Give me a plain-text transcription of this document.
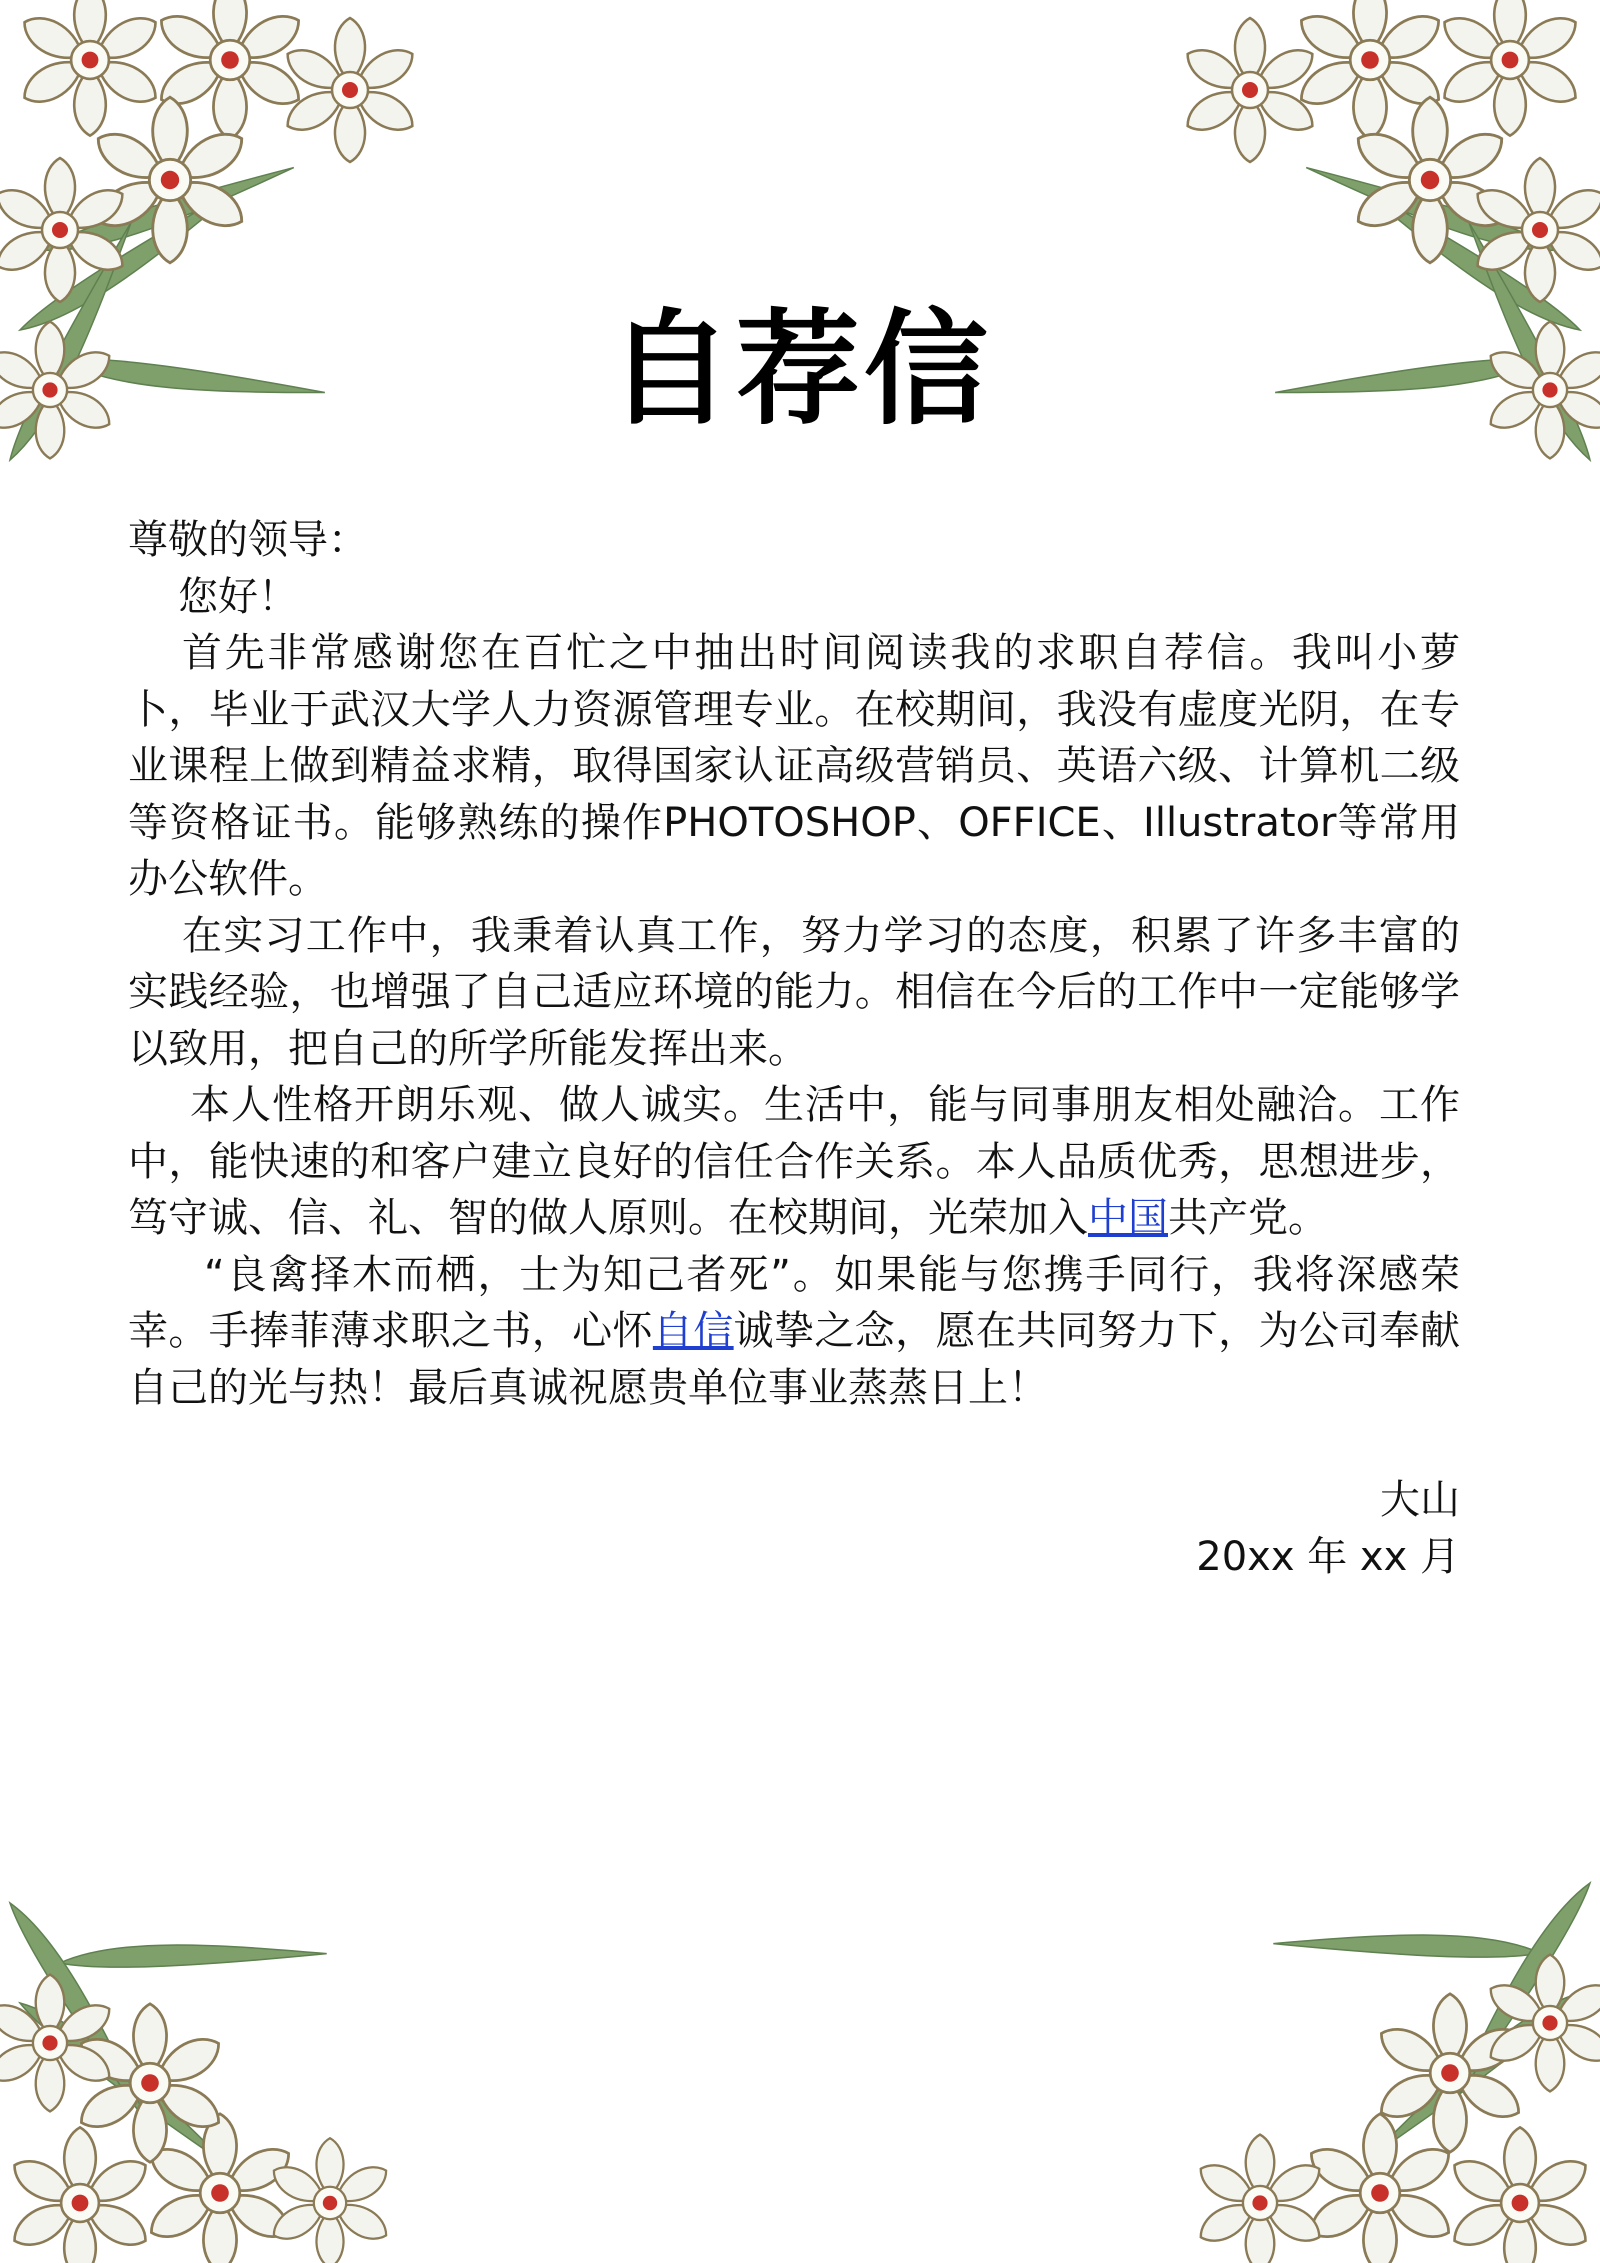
自荐信

尊敬的领导：

您好！

首先非常感谢您在百忙之中抽出时间阅读我的求职自荐信。我叫小萝卜，毕业于武汉大学人力资源管理专业。在校期间，我没有虚度光阴，在专业课程上做到精益求精，取得国家认证高级营销员、英语六级、计算机二级等资格证书。能够熟练的操作PHOTOSHOP、OFFICE、Illustrator等常用办公软件。

在实习工作中，我秉着认真工作，努力学习的态度，积累了许多丰富的实践经验，也增强了自己适应环境的能力。相信在今后的工作中一定能够学以致用，把自己的所学所能发挥出来。

本人性格开朗乐观、做人诚实。生活中，能与同事朋友相处融洽。工作中，能快速的和客户建立良好的信任合作关系。本人品质优秀，思想进步，笃守诚、信、礼、智的做人原则。在校期间，光荣加入中国共产党。

“良禽择木而栖，士为知己者死”。如果能与您携手同行，我将深感荣幸。手捧菲薄求职之书，心怀自信诚挚之念，愿在共同努力下，为公司奉献自己的光与热！最后真诚祝愿贵单位事业蒸蒸日上！

大山
20xx 年 xx 月
